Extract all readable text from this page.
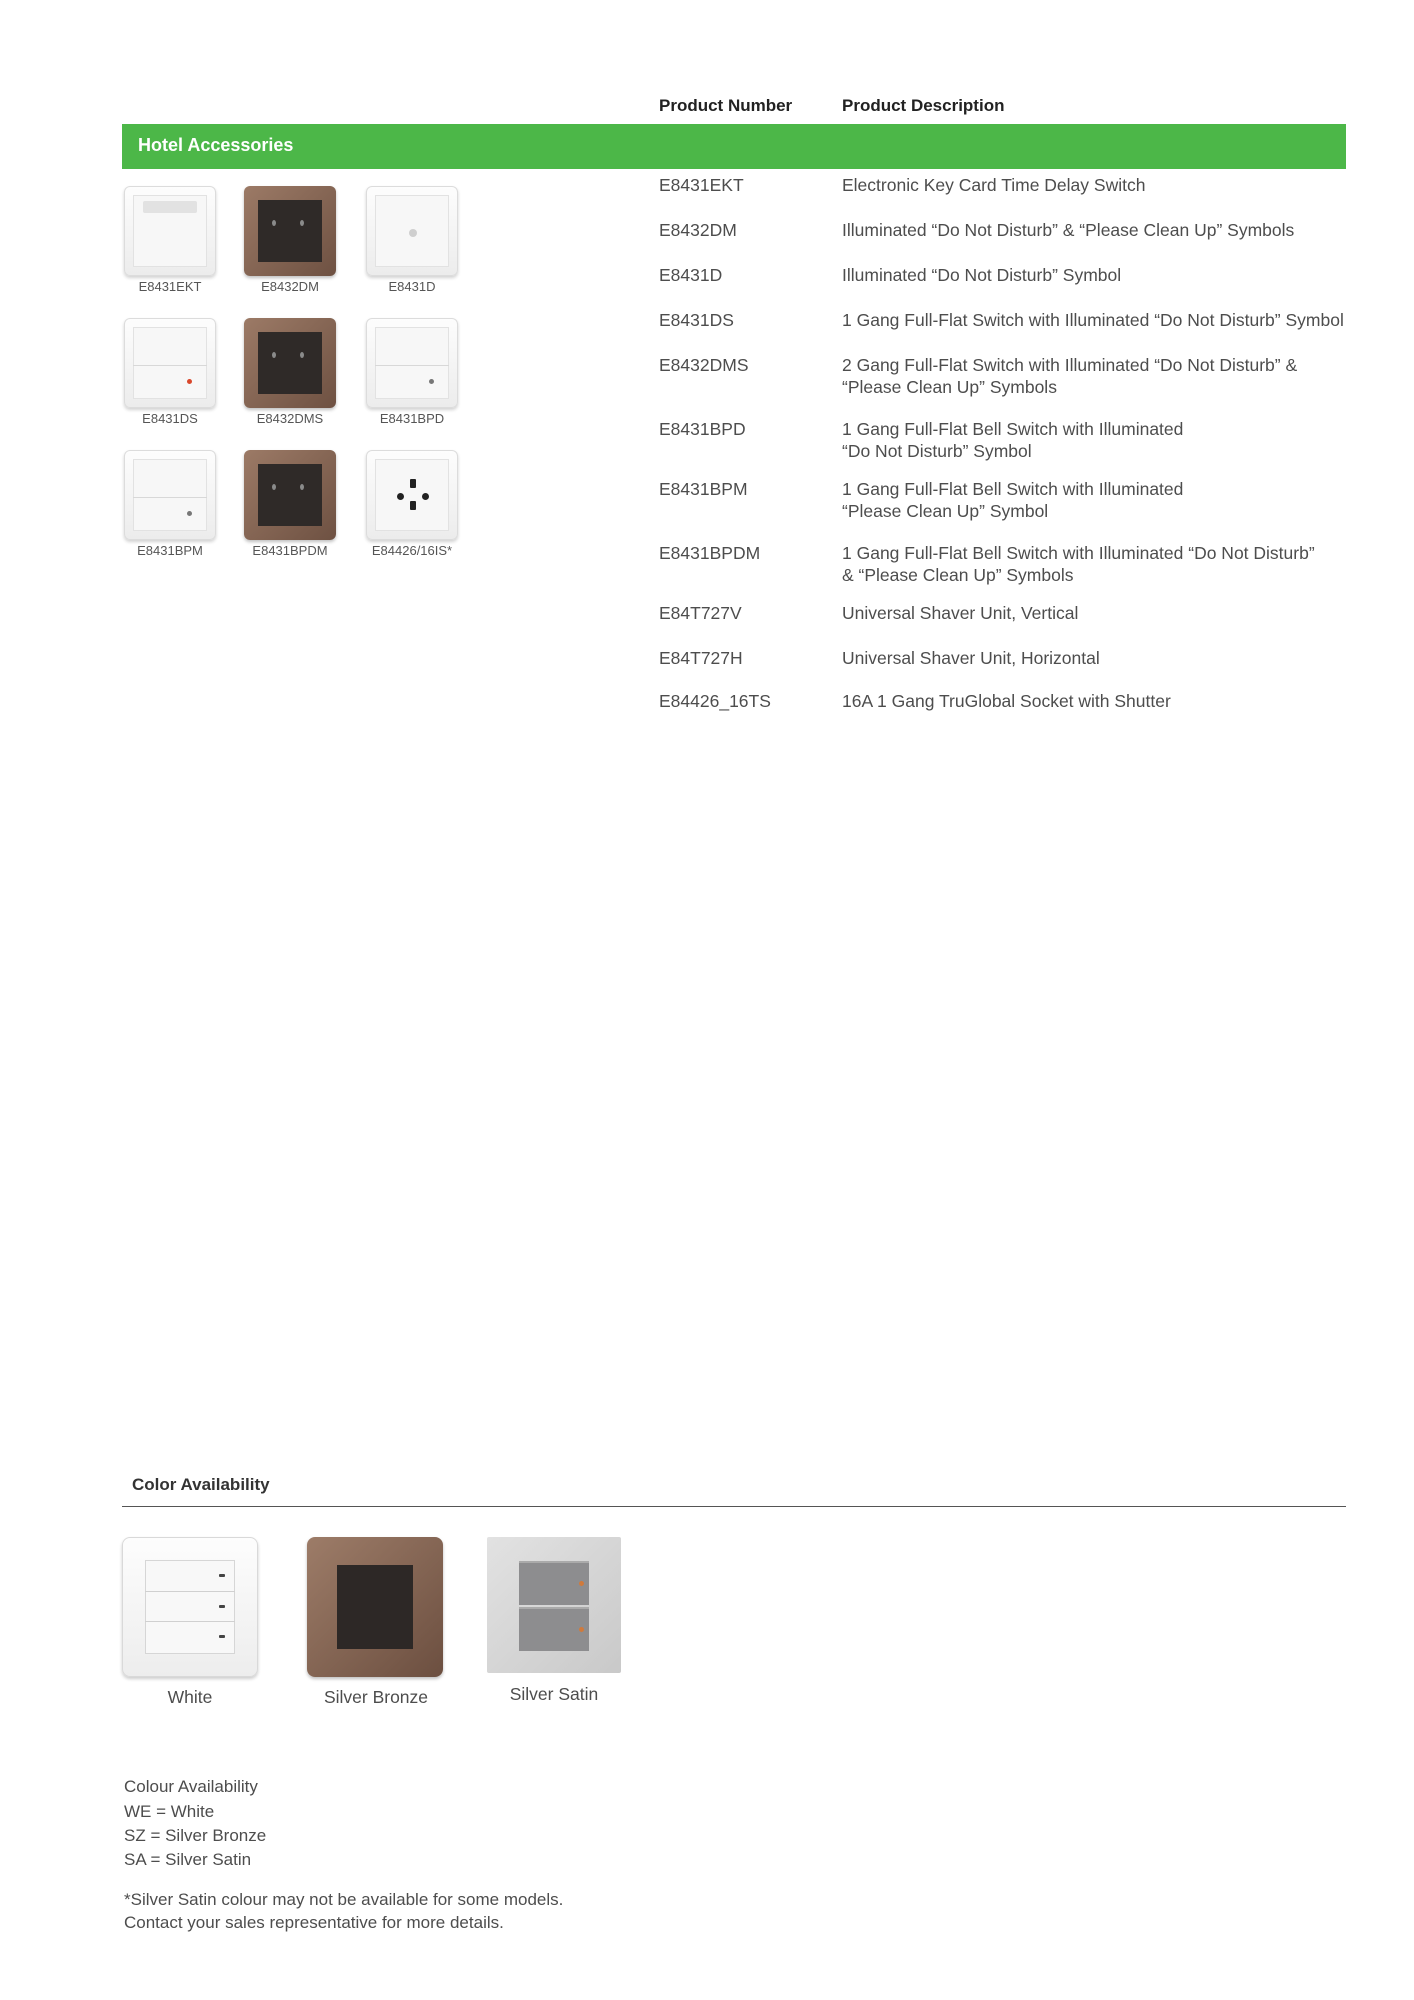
Product Number	Product Description
Hotel Accessories
E8431EKT	E8432DM	E8431D
E8431DS	E8432DMS	E8431BPD
E8431BPM	E8431BPDM	E84426/16IS*
E8431EKT	Electronic Key Card Time Delay Switch
E8432DM	Illuminated “Do Not Disturb” & “Please Clean Up” Symbols
E8431D	Illuminated “Do Not Disturb” Symbol
E8431DS	1 Gang Full-Flat Switch with Illuminated “Do Not Disturb” Symbol
E8432DMS	2 Gang Full-Flat Switch with Illuminated “Do Not Disturb” &
“Please Clean Up” Symbols
E8431BPD	1 Gang Full-Flat Bell Switch with Illuminated
“Do Not Disturb” Symbol
E8431BPM	1 Gang Full-Flat Bell Switch with Illuminated
“Please Clean Up” Symbol
E8431BPDM	1 Gang Full-Flat Bell Switch with Illuminated “Do Not Disturb”
& “Please Clean Up” Symbols
E84T727V	Universal Shaver Unit, Vertical
E84T727H	Universal Shaver Unit, Horizontal
E84426_16TS	16A 1 Gang TruGlobal Socket with Shutter
Color Availability
White	Silver Bronze	Silver Satin
Colour Availability
WE = White
SZ = Silver Bronze
SA = Silver Satin
*Silver Satin colour may not be available for some models.
Contact your sales representative for more details.
